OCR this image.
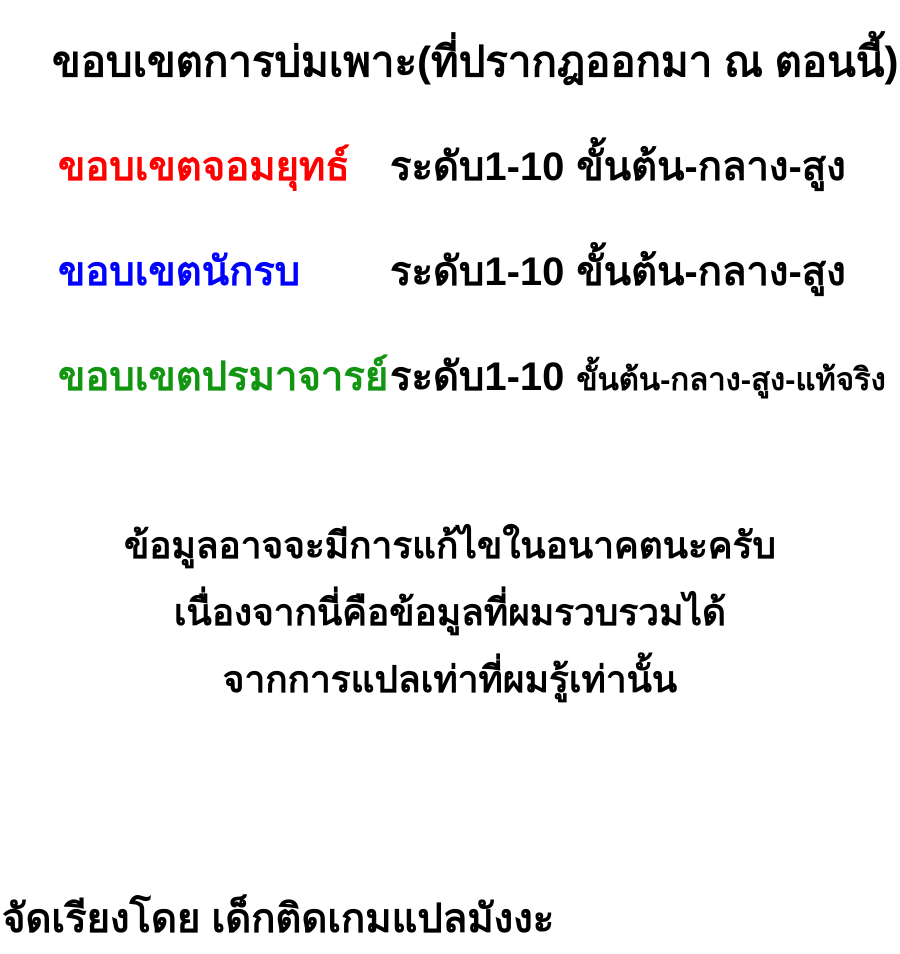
ขอบเขตการบ่มเพาะ(ที่ปรากฎออกมา ณ ตอนนี้)
ขอบเขตจอมยุทธ์	ระดับ1-10 ขั้นต้น-กลาง-สูง
ขอบเขตนักรบ	ระดับ1-10 ขั้นต้น-กลาง-สูง
ขอบเขตปรมาจารย์ ระดับ1-10 ขั้นต้น-กลาง-สูง-แท้จริง
ข้อมูลอาจจะมีการแก้ไขในอนาคตนะครับ
เนื่องจากนี่คือข้อมูลที่ผมรวบรวมได้
จากการแปลเท่าที่ผมรู้เท่านั้น
จัดเรียงโดย เด็กติดเกมแปลมังงะ
